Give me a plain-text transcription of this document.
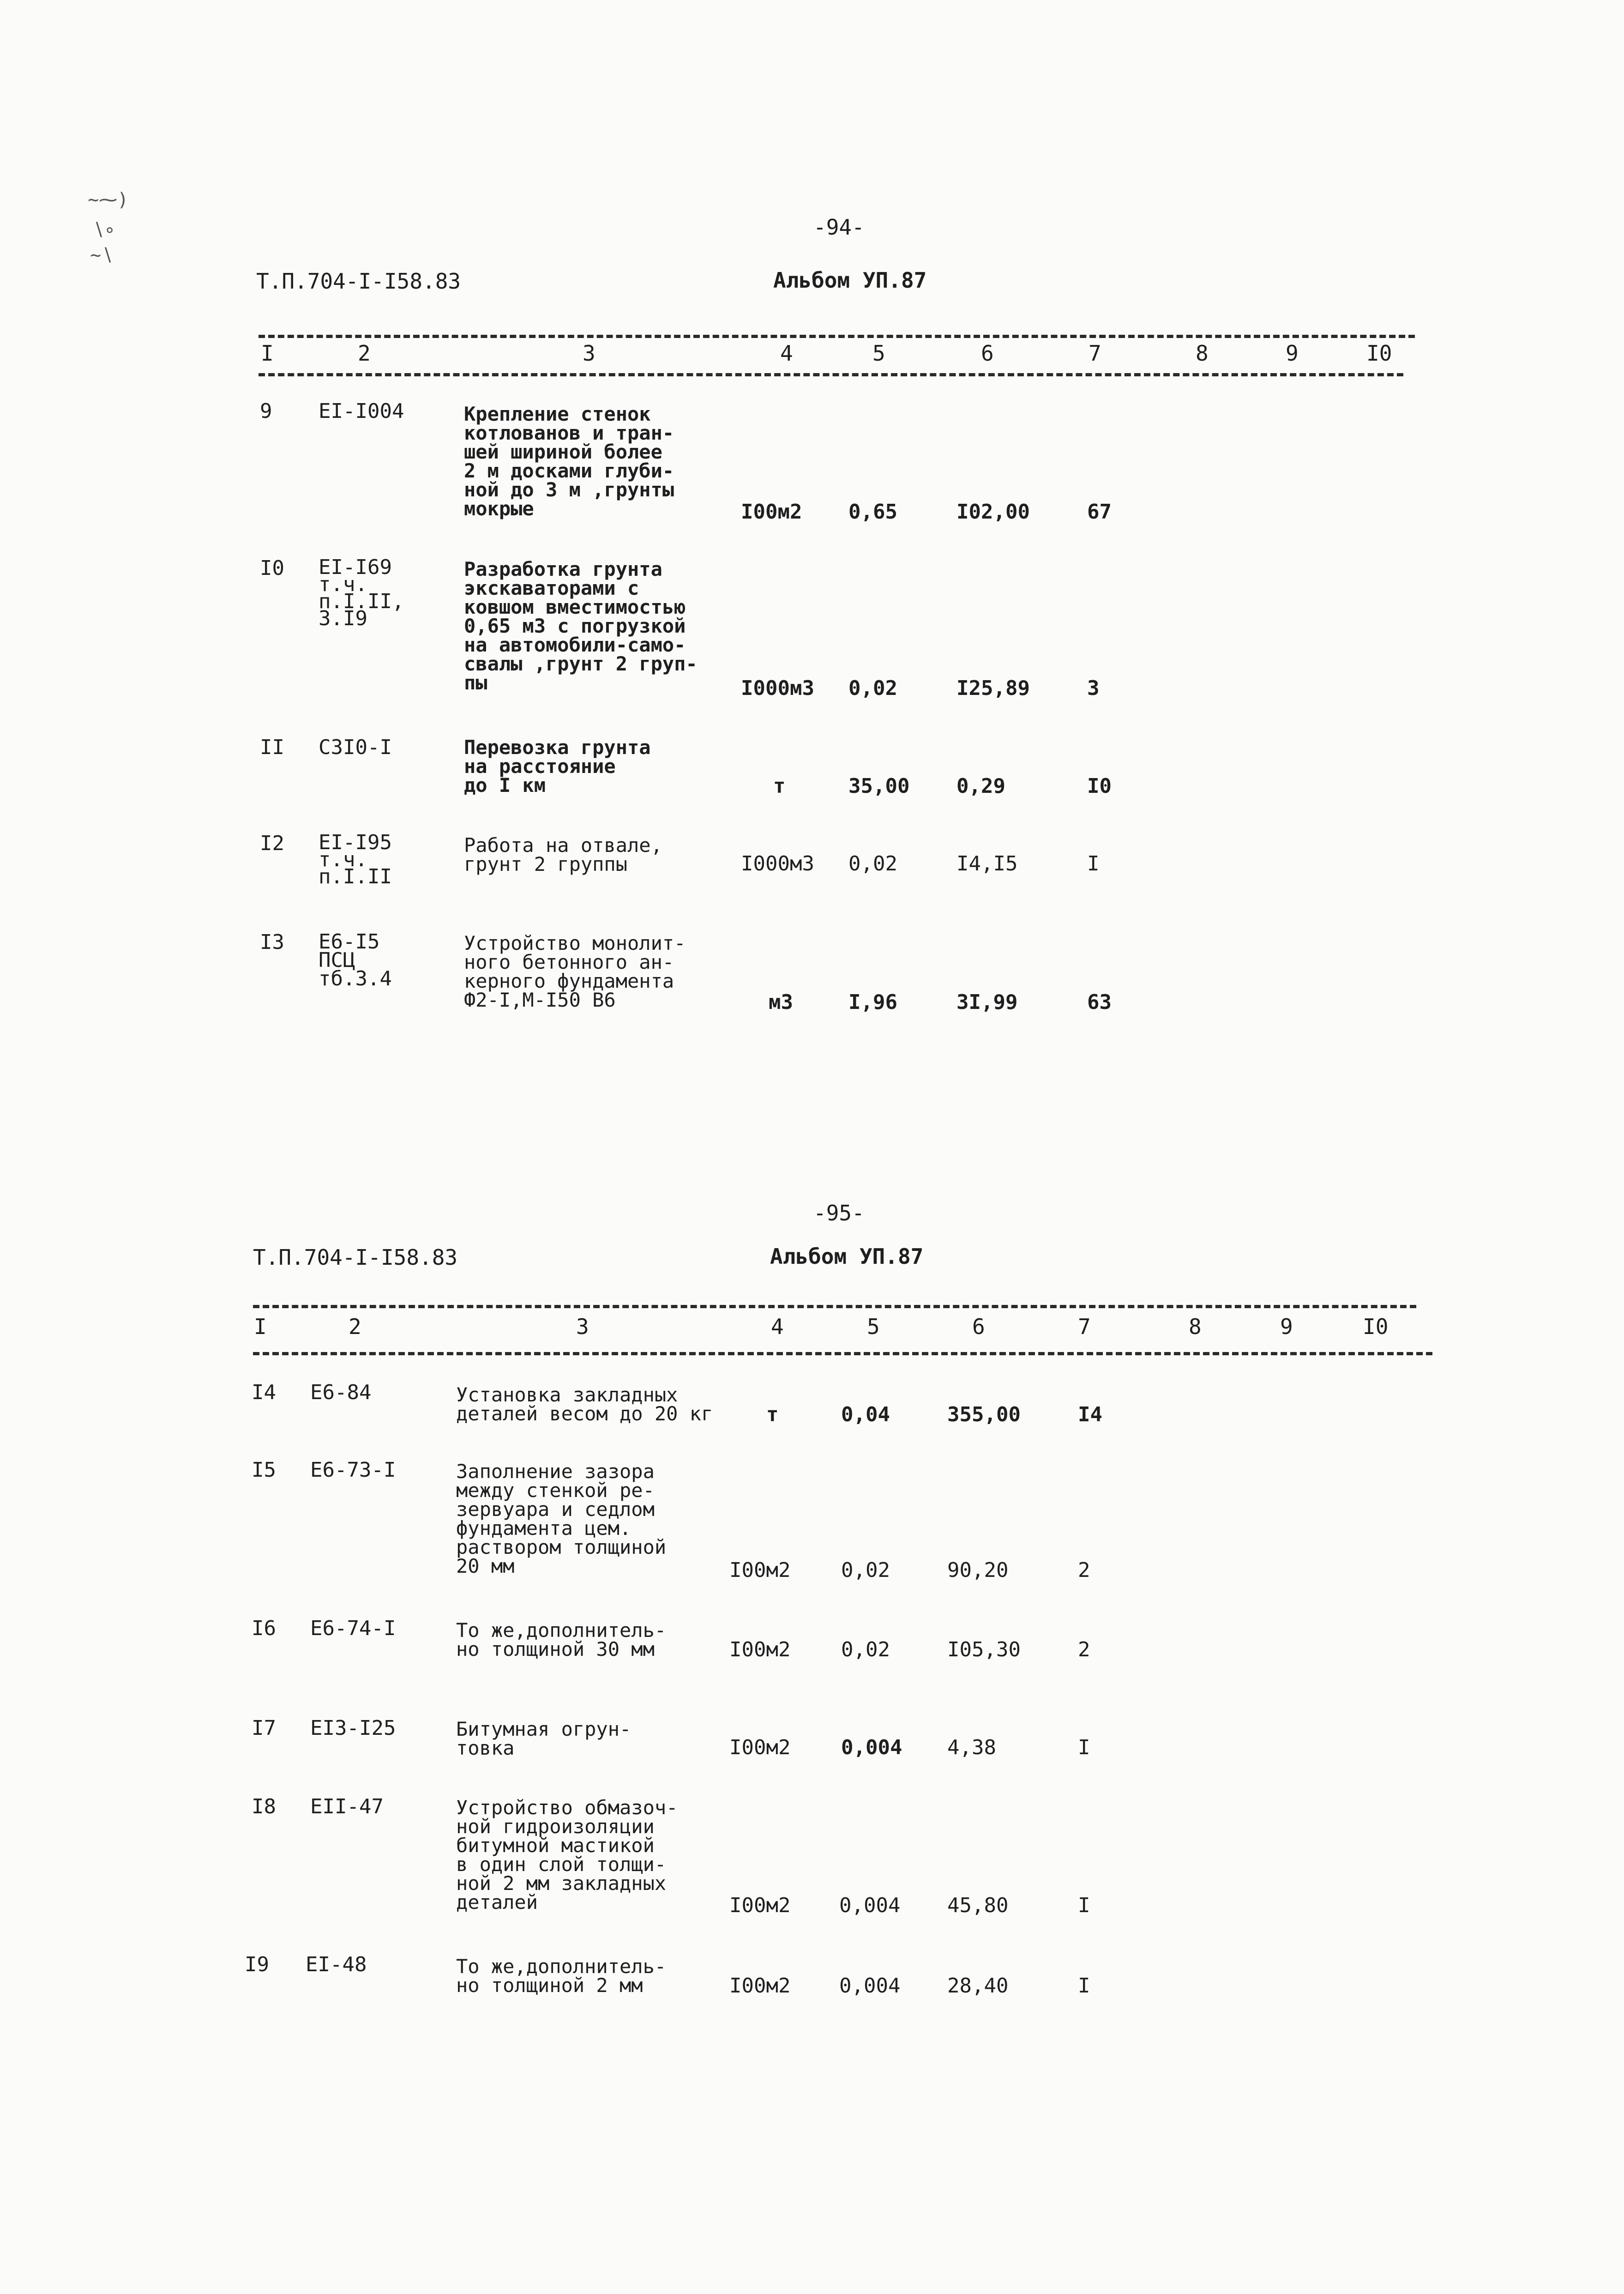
∼⁓)
∖∘
∼∖
-94-
Т.П.704-I-I58.83	Альбом УП.87
I	2	3	4	5	6	7	8	9	I0
9 EI-I004	Крепление стенок
котлованов и тран-
шей шириной более
2 м досками глуби-
ной до 3 м ,грунты
мокрые	I00м2 0,65	I02,00	67
I0 EI-I69
т.ч.
п.I.II,
3.I9
Разработка грунта
экскаваторами с
ковшом вместимостью
0,65 м3 с погрузкой
на автомобили-само-
свалы ,грунт 2 груп-
пы	I000м3 0,02	I25,89	3
II С3I0-I	Перевозка грунта
на расстояние
до I км	т	35,00 0,29	I0
I2 EI-I95
т.ч.
п.I.II
Работа на отвале,
грунт 2 группы	I000м3 0,02	I4,I5	I
I3 Е6-I5
ПСЦ
тб.3.4
Устройство монолит-
ного бетонного ан-
керного фундамента
Ф2-I,М-I50 В6	м3	I,96	3I,99	63
-95-
Т.П.704-I-I58.83	Альбом УП.87
I	2	3	4	5	6	7	8	9	I0
I4 Е6-84	Установка закладных
деталей весом до 20 кг	т	0,04	355,00	I4
I5 Е6-73-I	Заполнение зазора
между стенкой ре-
зервуара и седлом
фундамента цем.
раствором толщиной
20 мм	I00м2 0,02	90,20	2
I6 Е6-74-I	То же,дополнитель-
но толщиной 30 мм	I00м2 0,02	I05,30	2
I7 EI3-I25	Битумная огрун-
товка	I00м2 0,004 4,38	I
I8 EII-47	Устройство обмазоч-
ной гидроизоляции
битумной мастикой
в один слой толщи-
ной 2 мм закладных
деталей	I00м2 0,004 45,80	I
I9 EI-48	То же,дополнитель-
но толщиной 2 мм	I00м2 0,004 28,40	I
